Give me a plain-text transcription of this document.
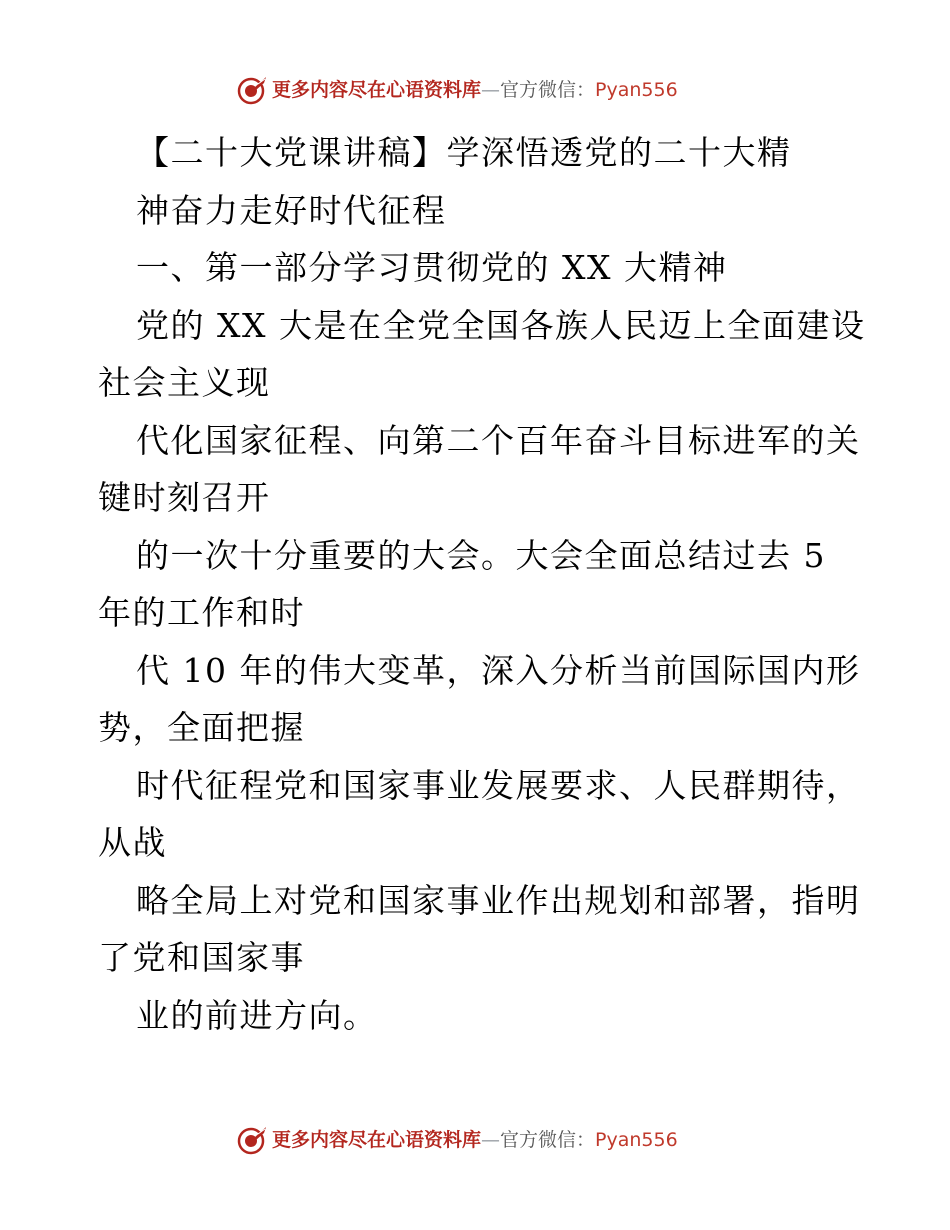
更多内容尽在心语资料库—官方微信：Pyan556
【二十大党课讲稿】学深悟透党的二十大精
神奋力走好时代征程
一、第一部分学习贯彻党的 XX 大精神
党的 XX 大是在全党全国各族人民迈上全面建设
社会主义现
代化国家征程、向第二个百年奋斗目标进军的关
键时刻召开
的一次十分重要的大会。大会全面总结过去 5
年的工作和时
代 10 年的伟大变革，深入分析当前国际国内形
势，全面把握
时代征程党和国家事业发展要求、人民群期待，
从战
略全局上对党和国家事业作出规划和部署，指明
了党和国家事
业的前进方向。
更多内容尽在心语资料库—官方微信：Pyan556
